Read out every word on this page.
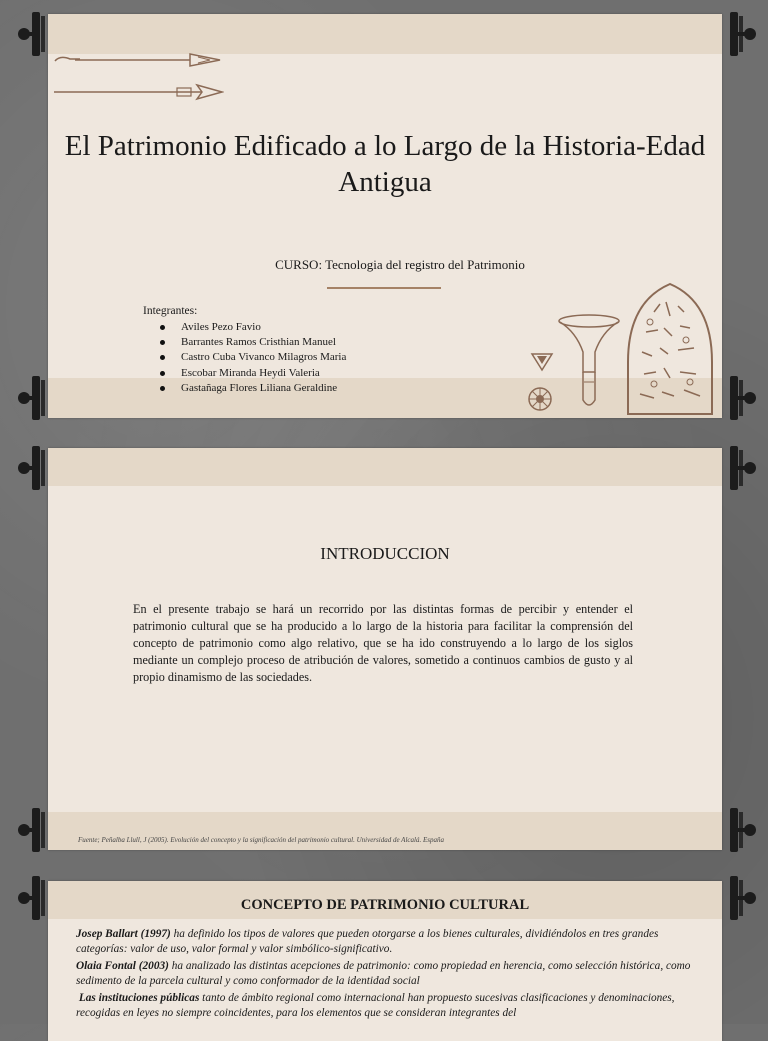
El Patrimonio Edificado a lo Largo de la Historia-Edad Antigua
CURSO: Tecnologia del registro del Patrimonio
Integrantes:
Aviles Pezo Favio
Barrantes Ramos Cristhian Manuel
Castro Cuba Vivanco Milagros Maria
Escobar Miranda Heydi Valeria
Gastañaga Flores Liliana Geraldine
INTRODUCCION
En el presente trabajo se hará un recorrido por las distintas formas de percibir y entender el patrimonio cultural que se ha producido a lo largo de la historia para facilitar la comprensión del concepto de patrimonio como algo relativo, que se ha ido construyendo a lo largo de los siglos mediante un complejo proceso de atribución de valores, sometido a continuos cambios de gusto y al propio dinamismo de las sociedades.
Fuente; Peñalba Llull, J (2005). Evolución del concepto y la significación del patrimonio cultural. Universidad de Alcalá. España
CONCEPTO DE PATRIMONIO CULTURAL

Josep Ballart (1997) ha definido los tipos de valores que pueden otorgarse a los bienes culturales, dividiéndolos en tres grandes categorías: valor de uso, valor formal y valor simbólico-significativo.

Olaia Fontal (2003) ha analizado las distintas acepciones de patrimonio: como propiedad en herencia, como selección histórica, como sedimento de la parcela cultural y como conformador de la identidad social

Las instituciones públicas tanto de ámbito regional como internacional han propuesto sucesivas clasificaciones y denominaciones, recogidas en leyes no siempre coincidentes, para los elementos que se consideran integrantes del
